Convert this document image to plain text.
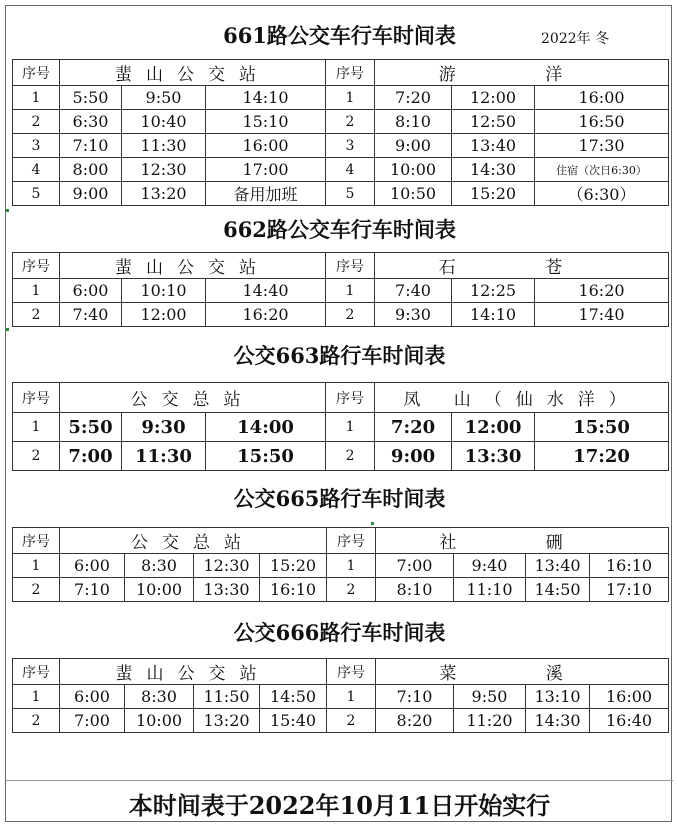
661路公交车行车时间表	2022年 冬
序号	蜚山公交站			序号	游 洋		
1	5:50	9:50	14:10	1	7:20	12:00	16:00
2	6:30	10:40	15:10	2	8:10	12:50	16:50
3	7:10	11:30	16:00	3	9:00	13:40	17:30
4	8:00	12:30	17:00	4	10:00	14:30	住宿（次日6:30）
5	9:00	13:20	备用加班	5	10:50	15:20	（6:30）
662路公交车行车时间表
序号	蜚山公交站			序号	石 苍		
1	6:00	10:10	14:40	1	7:40	12:25	16:20
2	7:40	12:00	16:20	2	9:30	14:10	17:40
公交663路行车时间表
序号	公交总站			序号	凤 山（仙水洋）		
1	5:50	9:30	14:00	1	7:20	12:00	15:50
2	7:00	11:30	15:50	2	9:00	13:30	17:20
公交665路行车时间表
序号	公交总站				序号	社 硎			
1	6:00	8:30	12:30	15:20	1	7:00	9:40	13:40	16:10
2	7:10	10:00	13:30	16:10	2	8:10	11:10	14:50	17:10
公交666路行车时间表
序号	蜚山公交站				序号	菜 溪			
1	6:00	8:30	11:50	14:50	1	7:10	9:50	13:10	16:00
2	7:00	10:00	13:20	15:40	2	8:20	11:20	14:30	16:40
本时间表于2022年10月11日开始实行
